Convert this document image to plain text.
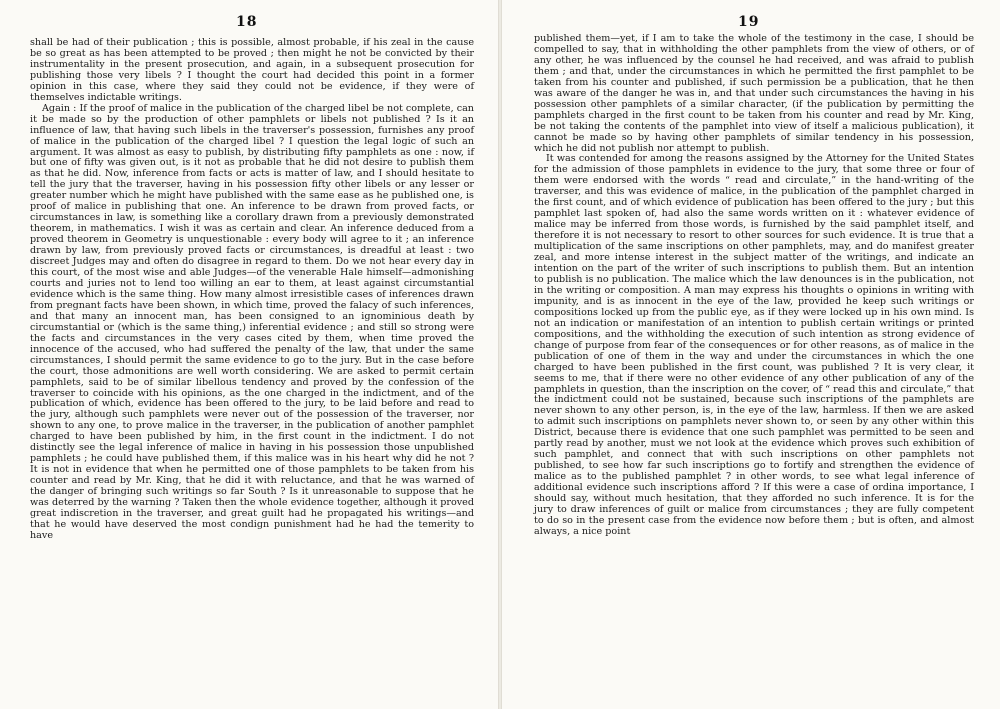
18

shall be had of their publication ; this is possible, almost probable, if his zeal in the cause be so great as has been attempted to be proved ; then might he not be convicted by their instrumentality in the present prosecution, and again, in a subsequent prosecution for publishing those very libels ? I thought the court had decided this point in a former opinion in this case, where they said they could not be evidence, if they were of themselves indictable writings.

Again : If the proof of malice in the publication of the charged libel be not complete, can it be made so by the production of other pamphlets or libels not published ? Is it an influence of law, that having such libels in the traverser's possession, furnishes any proof of malice in the publication of the charged libel ? I question the legal logic of such an argument. It was almost as easy to publish, by distributing fifty pamphlets as one : now, if but one of fifty was given out, is it not as probable that he did not desire to publish them as that he did. Now, inference from facts or acts is matter of law, and I should hesitate to tell the jury that the traverser, having in his possession fifty other libels or any lesser or greater number which he might have published with the same ease as he published one, is proof of malice in publishing that one. An inference to be drawn from proved facts, or circumstances in law, is something like a corollary drawn from a previously demonstrated theorem, in mathematics. I wish it was as certain and clear. An inference deduced from a proved theorem in Geometry is unquestionable : every body will agree to it ; an inference drawn by law, from previously proved facts or circumstances, is dreadful at least : two discreet Judges may and often do disagree in regard to them. Do we not hear every day in this court, of the most wise and able Judges—of the venerable Hale himself—admonishing courts and juries not to lend too willing an ear to them, at least against circumstantial evidence which is the same thing. How many almost irresistible cases of inferences drawn from pregnant facts have been shown, in which time, proved the falacy of such inferences, and that many an innocent man, has been consigned to an ignominious death by circumstantial or (which is the same thing,) inferential evidence ; and still so strong were the facts and circumstances in the very cases cited by them, when time proved the innocence of the accused, who had suffered the penalty of the law, that under the same circumstances, I should permit the same evidence to go to the jury. But in the case before the court, those admonitions are well worth considering. We are asked to permit certain pamphlets, said to be of similar libellous tendency and proved by the confession of the traverser to coincide with his opinions, as the one charged in the indictment, and of the publication of which, evidence has been offered to the jury, to be laid before and read to the jury, although such pamphlets were never out of the possession of the traverser, nor shown to any one, to prove malice in the traverser, in the publication of another pamphlet charged to have been published by him, in the first count in the indictment. I do not distinctly see the legal inference of malice in having in his possession those unpublished pamphlets ; he could have published them, if this malice was in his heart why did he not ? It is not in evidence that when he permitted one of those pamphlets to be taken from his counter and read by Mr. King, that he did it with reluctance, and that he was warned of the danger of bringing such writings so far South ? Is it unreasonable to suppose that he was deterred by the warning ? Taken then the whole evidence together, although it proved great indiscretion in the traverser, and great guilt had he propagated his writings—and that he would have deserved the most condign punishment had he had the temerity to have

19

published them—yet, if I am to take the whole of the testimony in the case, I should be compelled to say, that in withholding the other pamphlets from the view of others, or of any other, he was influenced by the counsel he had received, and was afraid to publish them ; and that, under the circumstances in which he permitted the first pamphlet to be taken from his counter and published, if such permission be a publication, that he then was aware of the danger he was in, and that under such circumstances the having in his possession other pamphlets of a similar character, (if the publication by permitting the pamphlets charged in the first count to be taken from his counter and read by Mr. King, be not taking the contents of the pamphlet into view of itself a malicious publication), it cannot be made so by having other pamphlets of similar tendency in his possession, which he did not publish nor attempt to publish.

It was contended for among the reasons assigned by the Attorney for the United States for the admission of those pamphlets in evidence to the jury, that some three or four of them were endorsed with the words “ read and circulate,” in the hand-writing of the traverser, and this was evidence of malice, in the publication of the pamphlet charged in the first count, and of which evidence of publication has been offered to the jury ; but this pamphlet last spoken of, had also the same words written on it : whatever evidence of malice may be inferred from those words, is furnished by the said pamphlet itself, and therefore it is not necessary to resort to other sources for such evidence. It is true that a multiplication of the same inscriptions on other pamphlets, may, and do manifest greater zeal, and more intense interest in the subject matter of the writings, and indicate an intention on the part of the writer of such inscriptions to publish them. But an intention to publish is no publication. The malice which the law denounces is in the publication, not in the writing or composition. A man may express his thoughts o opinions in writing with impunity, and is as innocent in the eye of the law, provided he keep such writings or compositions locked up from the public eye, as if they were locked up in his own mind. Is not an indication or manifestation of an intention to publish certain writings or printed compositions, and the withholding the execution of such intention as strong evidence of change of purpose from fear of the consequences or for other reasons, as of malice in the publication of one of them in the way and under the circumstances in which the one charged to have been published in the first count, was published ? It is very clear, it seems to me, that if there were no other evidence of any other publication of any of the pamphlets in question, than the inscription on the cover, of “ read this and circulate,” that the indictment could not be sustained, because such inscriptions of the pamphlets are never shown to any other person, is, in the eye of the law, harmless. If then we are asked to admit such inscriptions on pamphlets never shown to, or seen by any other within this District, because there is evidence that one such pamphlet was permitted to be seen and partly read by another, must we not look at the evidence which proves such exhibition of such pamphlet, and connect that with such inscriptions on other pamphlets not published, to see how far such inscriptions go to fortify and strengthen the evidence of malice as to the published pamphlet ? in other words, to see what legal inference of additional evidence such inscriptions afford ? If this were a case of ordina importance, I should say, without much hesitation, that they afforded no such inference. It is for the jury to draw inferences of guilt or malice from circumstances ; they are fully competent to do so in the present case from the evidence now before them ; but is often, and almost always, a nice point
